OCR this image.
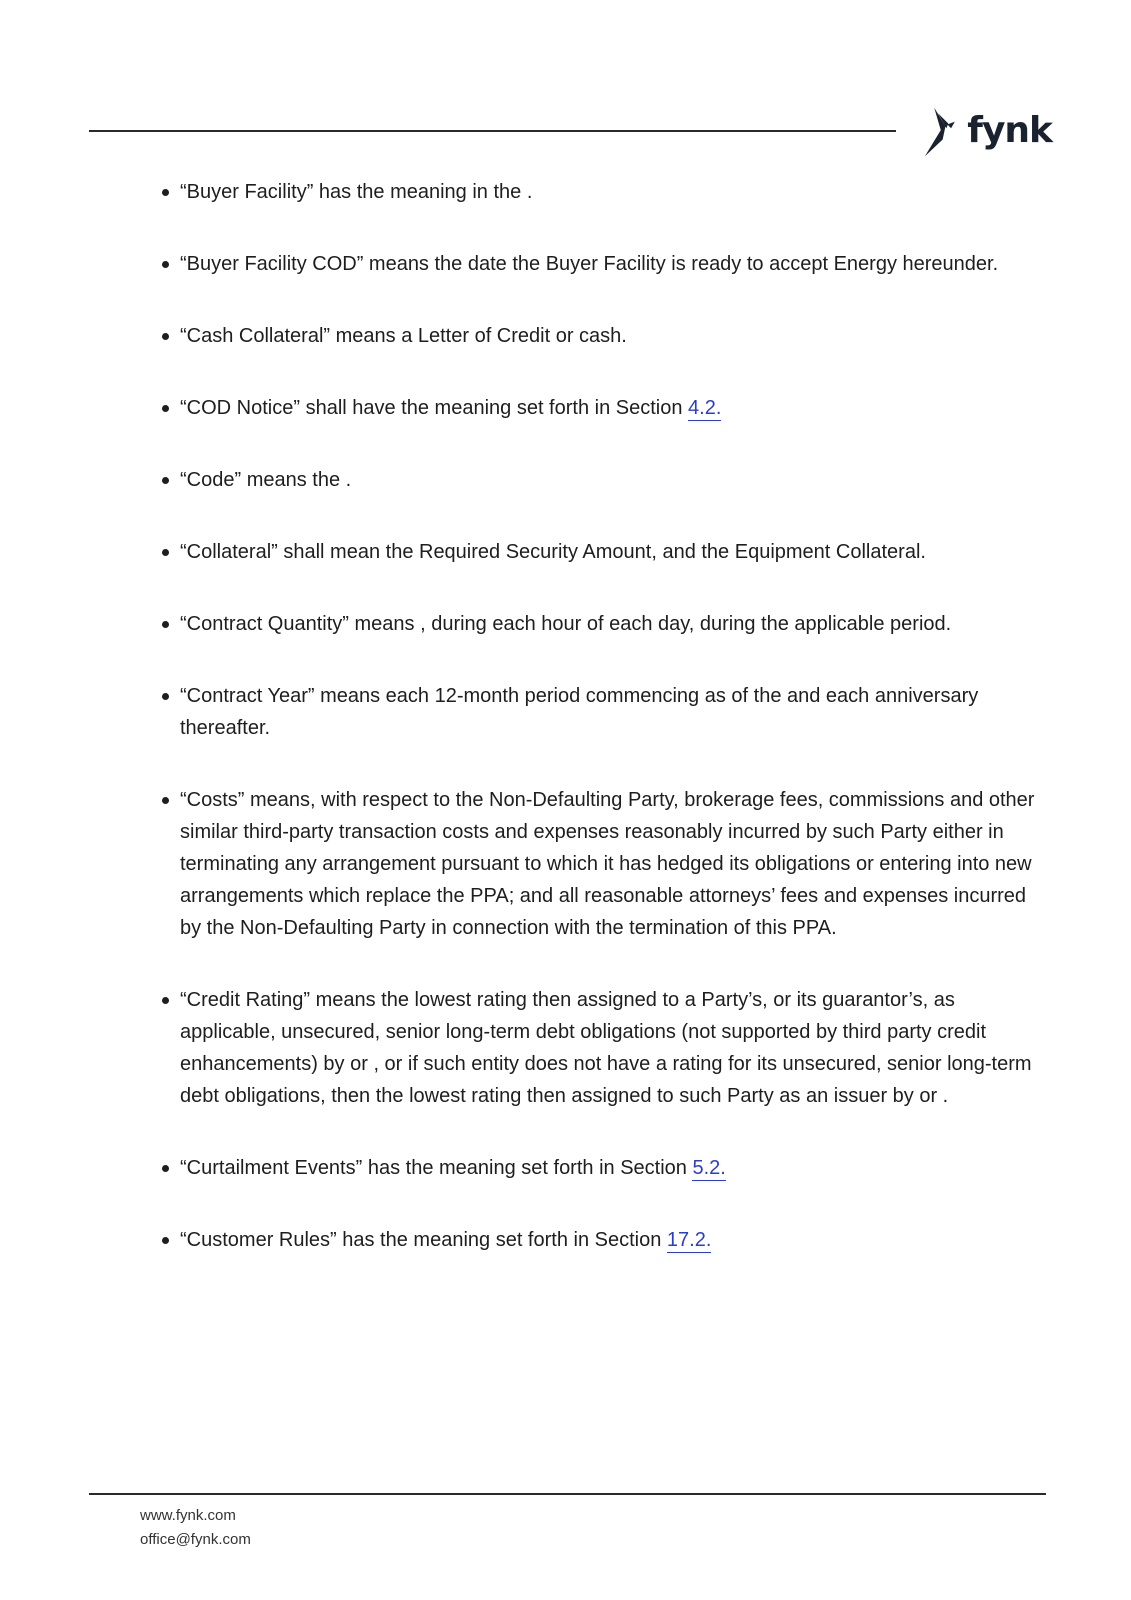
fynk
“Buyer Facility” has the meaning in the .
“Buyer Facility COD” means the date the Buyer Facility is ready to accept Energy hereunder.
“Cash Collateral” means a Letter of Credit or cash.
“COD Notice” shall have the meaning set forth in Section 4.2.
“Code” means the .
“Collateral” shall mean the Required Security Amount, and the Equipment Collateral.
“Contract Quantity” means , during each hour of each day, during the applicable period.
“Contract Year” means each 12-month period commencing as of the and each anniversary thereafter.
“Costs” means, with respect to the Non-Defaulting Party, brokerage fees, commissions and other similar third-party transaction costs and expenses reasonably incurred by such Party either in terminating any arrangement pursuant to which it has hedged its obligations or entering into new arrangements which replace the PPA; and all reasonable attorneys’ fees and expenses incurred by the Non-Defaulting Party in connection with the termination of this PPA.
“Credit Rating” means the lowest rating then assigned to a Party’s, or its guarantor’s, as applicable, unsecured, senior long-term debt obligations (not supported by third party credit enhancements) by or , or if such entity does not have a rating for its unsecured, senior long-term debt obligations, then the lowest rating then assigned to such Party as an issuer by or .
“Curtailment Events” has the meaning set forth in Section 5.2.
“Customer Rules” has the meaning set forth in Section 17.2.
www.fynk.com
office@fynk.com
